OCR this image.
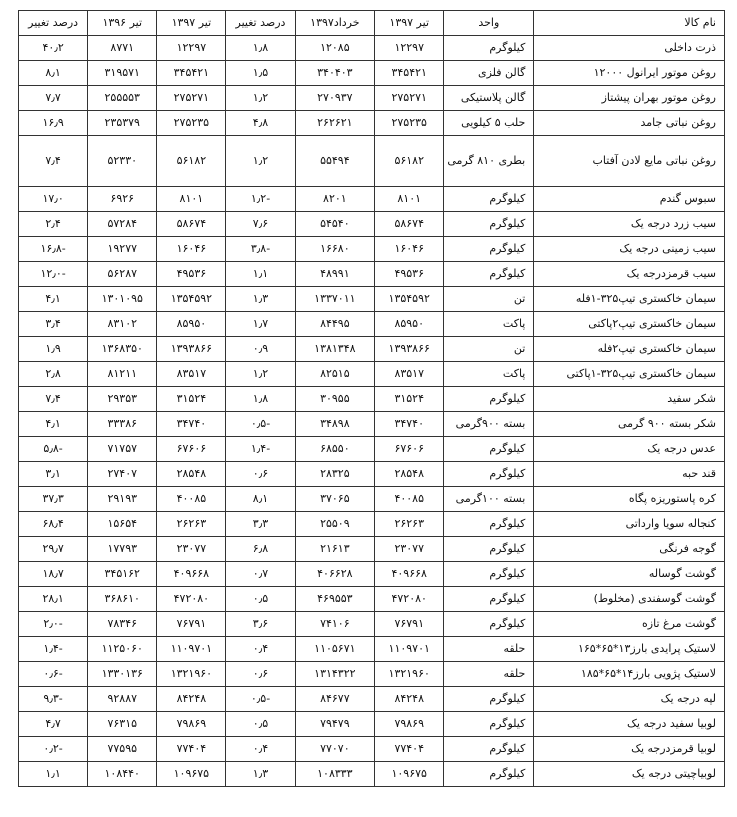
نام کالا	واحد	تیر ۱۳۹۷	خرداد۱۳۹۷	درصد تغییر	تیر ۱۳۹۷	تیر ۱۳۹۶	درصد تغییر
ذرت داخلی	کیلوگرم	۱۲۲۹۷	۱۲۰۸۵	۱٫۸	۱۲۲۹۷	۸۷۷۱	۴۰٫۲
روغن موتور ایرانول ۱۲۰۰۰	گالن فلزی	۳۴۵۴۲۱	۳۴۰۴۰۳	۱٫۵	۳۴۵۴۲۱	۳۱۹۵۷۱	۸٫۱
روغن موتور بهران پیشتاز	گالن پلاستیکی	۲۷۵۲۷۱	۲۷۰۹۳۷	۱٫۲	۲۷۵۲۷۱	۲۵۵۵۵۳	۷٫۷
روغن نباتی جامد	حلب ۵ کیلویی	۲۷۵۲۳۵	۲۶۲۶۲۱	۴٫۸	۲۷۵۲۳۵	۲۳۵۳۷۹	۱۶٫۹
روغن نباتی مایع لادن آفتاب	بطری ۸۱۰ گرمی	۵۶۱۸۲	۵۵۴۹۴	۱٫۲	۵۶۱۸۲	۵۲۳۳۰	۷٫۴
سبوس گندم	کیلوگرم	۸۱۰۱	۸۲۰۱	-۱٫۲	۸۱۰۱	۶۹۲۶	۱۷٫۰
سیب زرد درجه یک	کیلوگرم	۵۸۶۷۴	۵۴۵۴۰	۷٫۶	۵۸۶۷۴	۵۷۲۸۴	۲٫۴
سیب زمینی درجه یک	کیلوگرم	۱۶۰۴۶	۱۶۶۸۰	-۳٫۸	۱۶۰۴۶	۱۹۲۷۷	-۱۶٫۸
سیب قرمزدرجه یک	کیلوگرم	۴۹۵۳۶	۴۸۹۹۱	۱٫۱	۴۹۵۳۶	۵۶۲۸۷	-۱۲٫۰
سیمان خاکستری تیپ۳۲۵-۱فله	تن	۱۳۵۴۵۹۲	۱۳۳۷۰۱۱	۱٫۳	۱۳۵۴۵۹۲	۱۳۰۱۰۹۵	۴٫۱
سیمان خاکستری تیپ۲پاکتی	پاکت	۸۵۹۵۰	۸۴۴۹۵	۱٫۷	۸۵۹۵۰	۸۳۱۰۲	۳٫۴
سیمان خاکستری تیپ۲فله	تن	۱۳۹۳۸۶۶	۱۳۸۱۳۴۸	۰٫۹	۱۳۹۳۸۶۶	۱۳۶۸۳۵۰	۱٫۹
سیمان خاکستری تیپ۳۲۵-۱پاکتی	پاکت	۸۳۵۱۷	۸۲۵۱۵	۱٫۲	۸۳۵۱۷	۸۱۲۱۱	۲٫۸
شکر سفید	کیلوگرم	۳۱۵۲۴	۳۰۹۵۵	۱٫۸	۳۱۵۲۴	۲۹۳۵۳	۷٫۴
شکر بسته ۹۰۰ گرمی	بسته ۹۰۰گرمی	۳۴۷۴۰	۳۴۸۹۸	-۰٫۵	۳۴۷۴۰	۳۳۳۸۶	۴٫۱
عدس درجه یک	کیلوگرم	۶۷۶۰۶	۶۸۵۵۰	-۱٫۴	۶۷۶۰۶	۷۱۷۵۷	-۵٫۸
قند حبه	کیلوگرم	۲۸۵۴۸	۲۸۳۲۵	۰٫۶	۲۸۵۴۸	۲۷۴۰۷	۳٫۱
کره پاستوریزه پگاه	بسته ۱۰۰گرمی	۴۰۰۸۵	۳۷۰۶۵	۸٫۱	۴۰۰۸۵	۲۹۱۹۳	۳۷٫۳
کنجاله سویا وارداتی	کیلوگرم	۲۶۲۶۳	۲۵۵۰۹	۳٫۳	۲۶۲۶۳	۱۵۶۵۴	۶۸٫۴
گوجه فرنگی	کیلوگرم	۲۳۰۷۷	۲۱۶۱۳	۶٫۸	۲۳۰۷۷	۱۷۷۹۳	۲۹٫۷
گوشت گوساله	کیلوگرم	۴۰۹۶۶۸	۴۰۶۶۲۸	۰٫۷	۴۰۹۶۶۸	۳۴۵۱۶۲	۱۸٫۷
گوشت گوسفندی (مخلوط)	کیلوگرم	۴۷۲۰۸۰	۴۶۹۵۵۳	۰٫۵	۴۷۲۰۸۰	۳۶۸۶۱۰	۲۸٫۱
گوشت مرغ تازه	کیلوگرم	۷۶۷۹۱	۷۴۱۰۶	۳٫۶	۷۶۷۹۱	۷۸۳۴۶	-۲٫۰
لاستیک پرایدی بارز۱۳*۶۵*۱۶۵	حلقه	۱۱۰۹۷۰۱	۱۱۰۵۶۷۱	۰٫۴	۱۱۰۹۷۰۱	۱۱۲۵۰۶۰	-۱٫۴
لاستیک پژویی بارز۱۴*۶۵*۱۸۵	حلقه	۱۳۲۱۹۶۰	۱۳۱۴۳۲۲	۰٫۶	۱۳۲۱۹۶۰	۱۳۳۰۱۳۶	-۰٫۶
لپه درجه یک	کیلوگرم	۸۴۲۴۸	۸۴۶۷۷	-۰٫۵	۸۴۲۴۸	۹۲۸۸۷	-۹٫۳
لوبیا سفید درجه یک	کیلوگرم	۷۹۸۶۹	۷۹۴۷۹	۰٫۵	۷۹۸۶۹	۷۶۳۱۵	۴٫۷
لوبیا قرمزدرجه یک	کیلوگرم	۷۷۴۰۴	۷۷۰۷۰	۰٫۴	۷۷۴۰۴	۷۷۵۹۵	-۰٫۲
لوبیاچیتی درجه یک	کیلوگرم	۱۰۹۶۷۵	۱۰۸۳۳۳	۱٫۳	۱۰۹۶۷۵	۱۰۸۴۴۰	۱٫۱
